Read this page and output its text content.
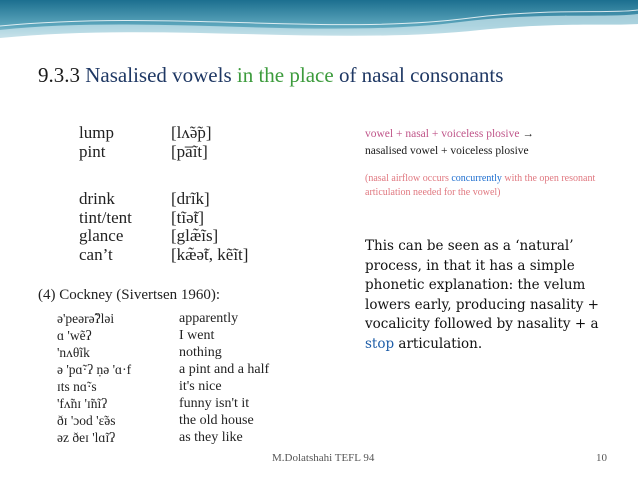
9.3.3 Nasalised vowels in the place of nasal consonants
lump
pint
[lʌ̃ə̃p]
[pa̅ĩt]
drink
tint/tent
glance
can’t
[drĩk]
[tĩə̃t]
[glæ̃ĩs]
[kæ̃ə̃t, kẽĩt]
(4) Cockney (Sivertsen 1960):
ə'peərə̃ʔləi
ɑ 'wẽʔ
'nʌθĩk
ə 'pɑ̃·ʔ ṇə 'ɑ·f
ɪts nɑ̃·s
'fʌ̃nɪ 'ɪ̃nĩʔ
ðɪ 'ɔod 'ɛ̃əs
əz ðeɪ 'lɑ̃ɪʔ
apparently
I went
nothing
a pint and a half
it's nice
funny isn't it
the old house
as they like
vowel + nasal + voiceless plosive →
nasalised vowel + voiceless plosive
(nasal airflow occurs concurrently with the open resonant articulation needed for the vowel)
This can be seen as a ‘natural’ process, in that it has a simple phonetic explanation: the velum lowers early, producing nasality + vocalicity followed by nasality + a stop articulation.
M.Dolatshahi TEFL 94	10
